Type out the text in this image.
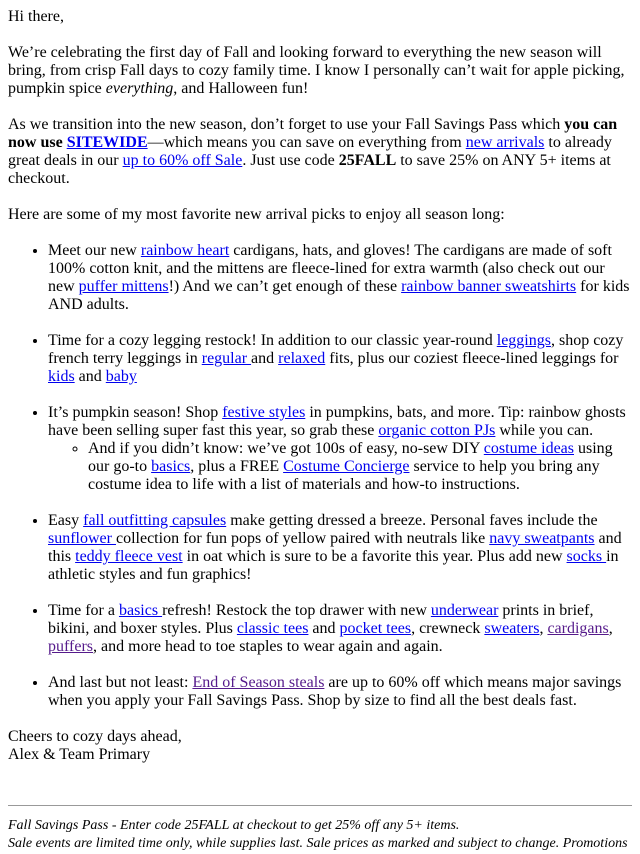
Hi there,

We’re celebrating the first day of Fall and looking forward to everything the new season will bring, from crisp Fall days to cozy family time. I know I personally can’t wait for apple picking, pumpkin spice everything, and Halloween fun!

As we transition into the new season, don’t forget to use your Fall Savings Pass which you can now use SITEWIDE—which means you can save on everything from new arrivals to already great deals in our up to 60% off Sale. Just use code 25FALL to save 25% on ANY 5+ items at checkout.

Here are some of my most favorite new arrival picks to enjoy all season long:

• Meet our new rainbow heart cardigans, hats, and gloves! The cardigans are made of soft 100% cotton knit, and the mittens are fleece-lined for extra warmth (also check out our new puffer mittens!) And we can’t get enough of these rainbow banner sweatshirts for kids AND adults.
• Time for a cozy legging restock! In addition to our classic year-round leggings, shop cozy french terry leggings in regular and relaxed fits, plus our coziest fleece-lined leggings for kids and baby
• It’s pumpkin season! Shop festive styles in pumpkins, bats, and more. Tip: rainbow ghosts have been selling super fast this year, so grab these organic cotton PJs while you can.
◦ And if you didn’t know: we’ve got 100s of easy, no-sew DIY costume ideas using our go-to basics, plus a FREE Costume Concierge service to help you bring any costume idea to life with a list of materials and how-to instructions.
• Easy fall outfitting capsules make getting dressed a breeze. Personal faves include the sunflower collection for fun pops of yellow paired with neutrals like navy sweatpants and this teddy fleece vest in oat which is sure to be a favorite this year. Plus add new socks in athletic styles and fun graphics!
• Time for a basics refresh! Restock the top drawer with new underwear prints in brief, bikini, and boxer styles. Plus classic tees and pocket tees, crewneck sweaters, cardigans, puffers, and more head to toe staples to wear again and again.
• And last but not least: End of Season steals are up to 60% off which means major savings when you apply your Fall Savings Pass. Shop by size to find all the best deals fast.

Cheers to cozy days ahead,
Alex & Team Primary

Fall Savings Pass - Enter code 25FALL at checkout to get 25% off any 5+ items.

Sale events are limited time only, while supplies last. Sale prices as marked and subject to change. Promotions
